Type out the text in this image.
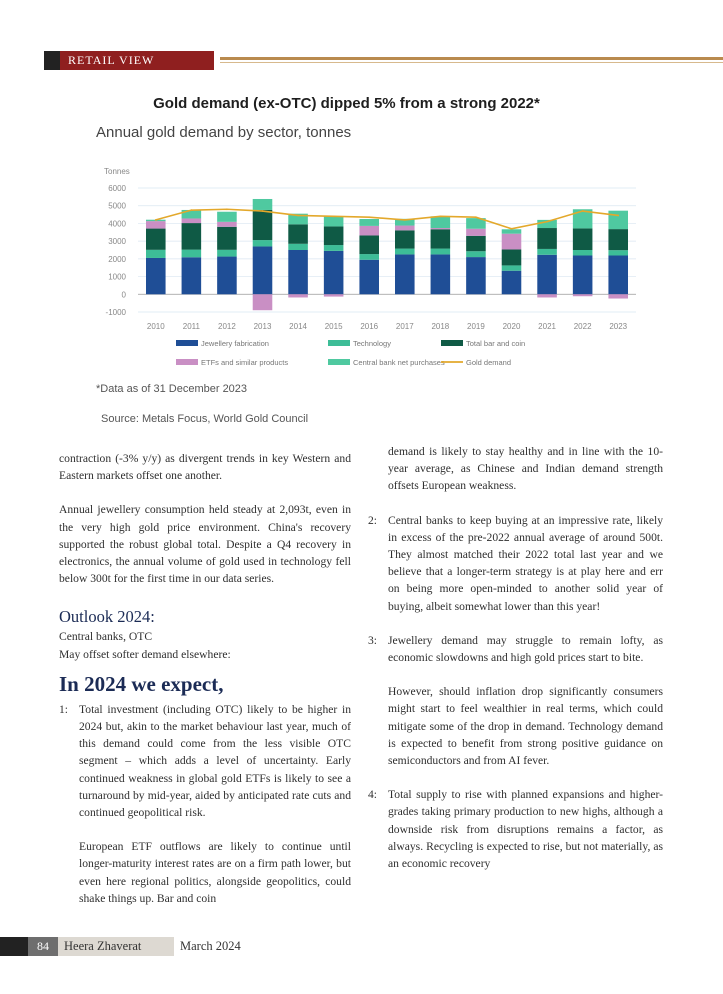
RETAIL VIEW
Gold demand (ex-OTC) dipped 5% from a strong 2022*
Annual gold demand by sector, tonnes
Tonnes
-1000
0
1000
2000
3000
4000
5000
6000
2010 2011 2012 2013 2014 2015 2016 2017 2018 2019 2020 2021 2022 2023
Jewellery fabrication	Technology	Total bar and coin
ETFs and similar products	Central bank net purchases	Gold demand
*Data as of 31 December 2023
Source: Metals Focus, World Gold Council

contraction (-3% y/y) as divergent trends in key Western and Eastern markets offset one another.

Annual jewellery consumption held steady at 2,093t, even in the very high gold price environment. China's recovery supported the robust global total. Despite a Q4 recovery in electronics, the annual volume of gold used in technology fell below 300t for the first time in our data series.

Outlook 2024:
Central banks, OTC
May offset softer demand elsewhere:
In 2024 we expect,
1: Total investment (including OTC) likely to be higher in 2024 but, akin to the market behaviour last year, much of this demand could come from the less visible OTC segment – which adds a level of uncertainty. Early continued weakness in global gold ETFs is likely to see a turnaround by mid-year, aided by anticipated rate cuts and continued geopolitical risk.

European ETF outflows are likely to continue until longer-maturity interest rates are on a firm path lower, but even here regional politics, alongside geopolitics, could shake things up. Bar and coin

demand is likely to stay healthy and in line with the 10-year average, as Chinese and Indian demand strength offsets European weakness.

2: Central banks to keep buying at an impressive rate, likely in excess of the pre-2022 annual average of around 500t. They almost matched their 2022 total last year and we believe that a longer-term strategy is at play here and err on being more open-minded to another solid year of buying, albeit somewhat lower than this year!

3: Jewellery demand may struggle to remain lofty, as economic slowdowns and high gold prices start to bite.

However, should inflation drop significantly consumers might start to feel wealthier in real terms, which could mitigate some of the drop in demand. Technology demand is expected to benefit from strong positive guidance on semiconductors and from AI fever.

4: Total supply to rise with planned expansions and higher-grades taking primary production to new highs, although a downside risk from disruptions remains a factor, as always. Recycling is expected to rise, but not materially, as an economic recovery

84	Heera Zhaverat	March 2024
